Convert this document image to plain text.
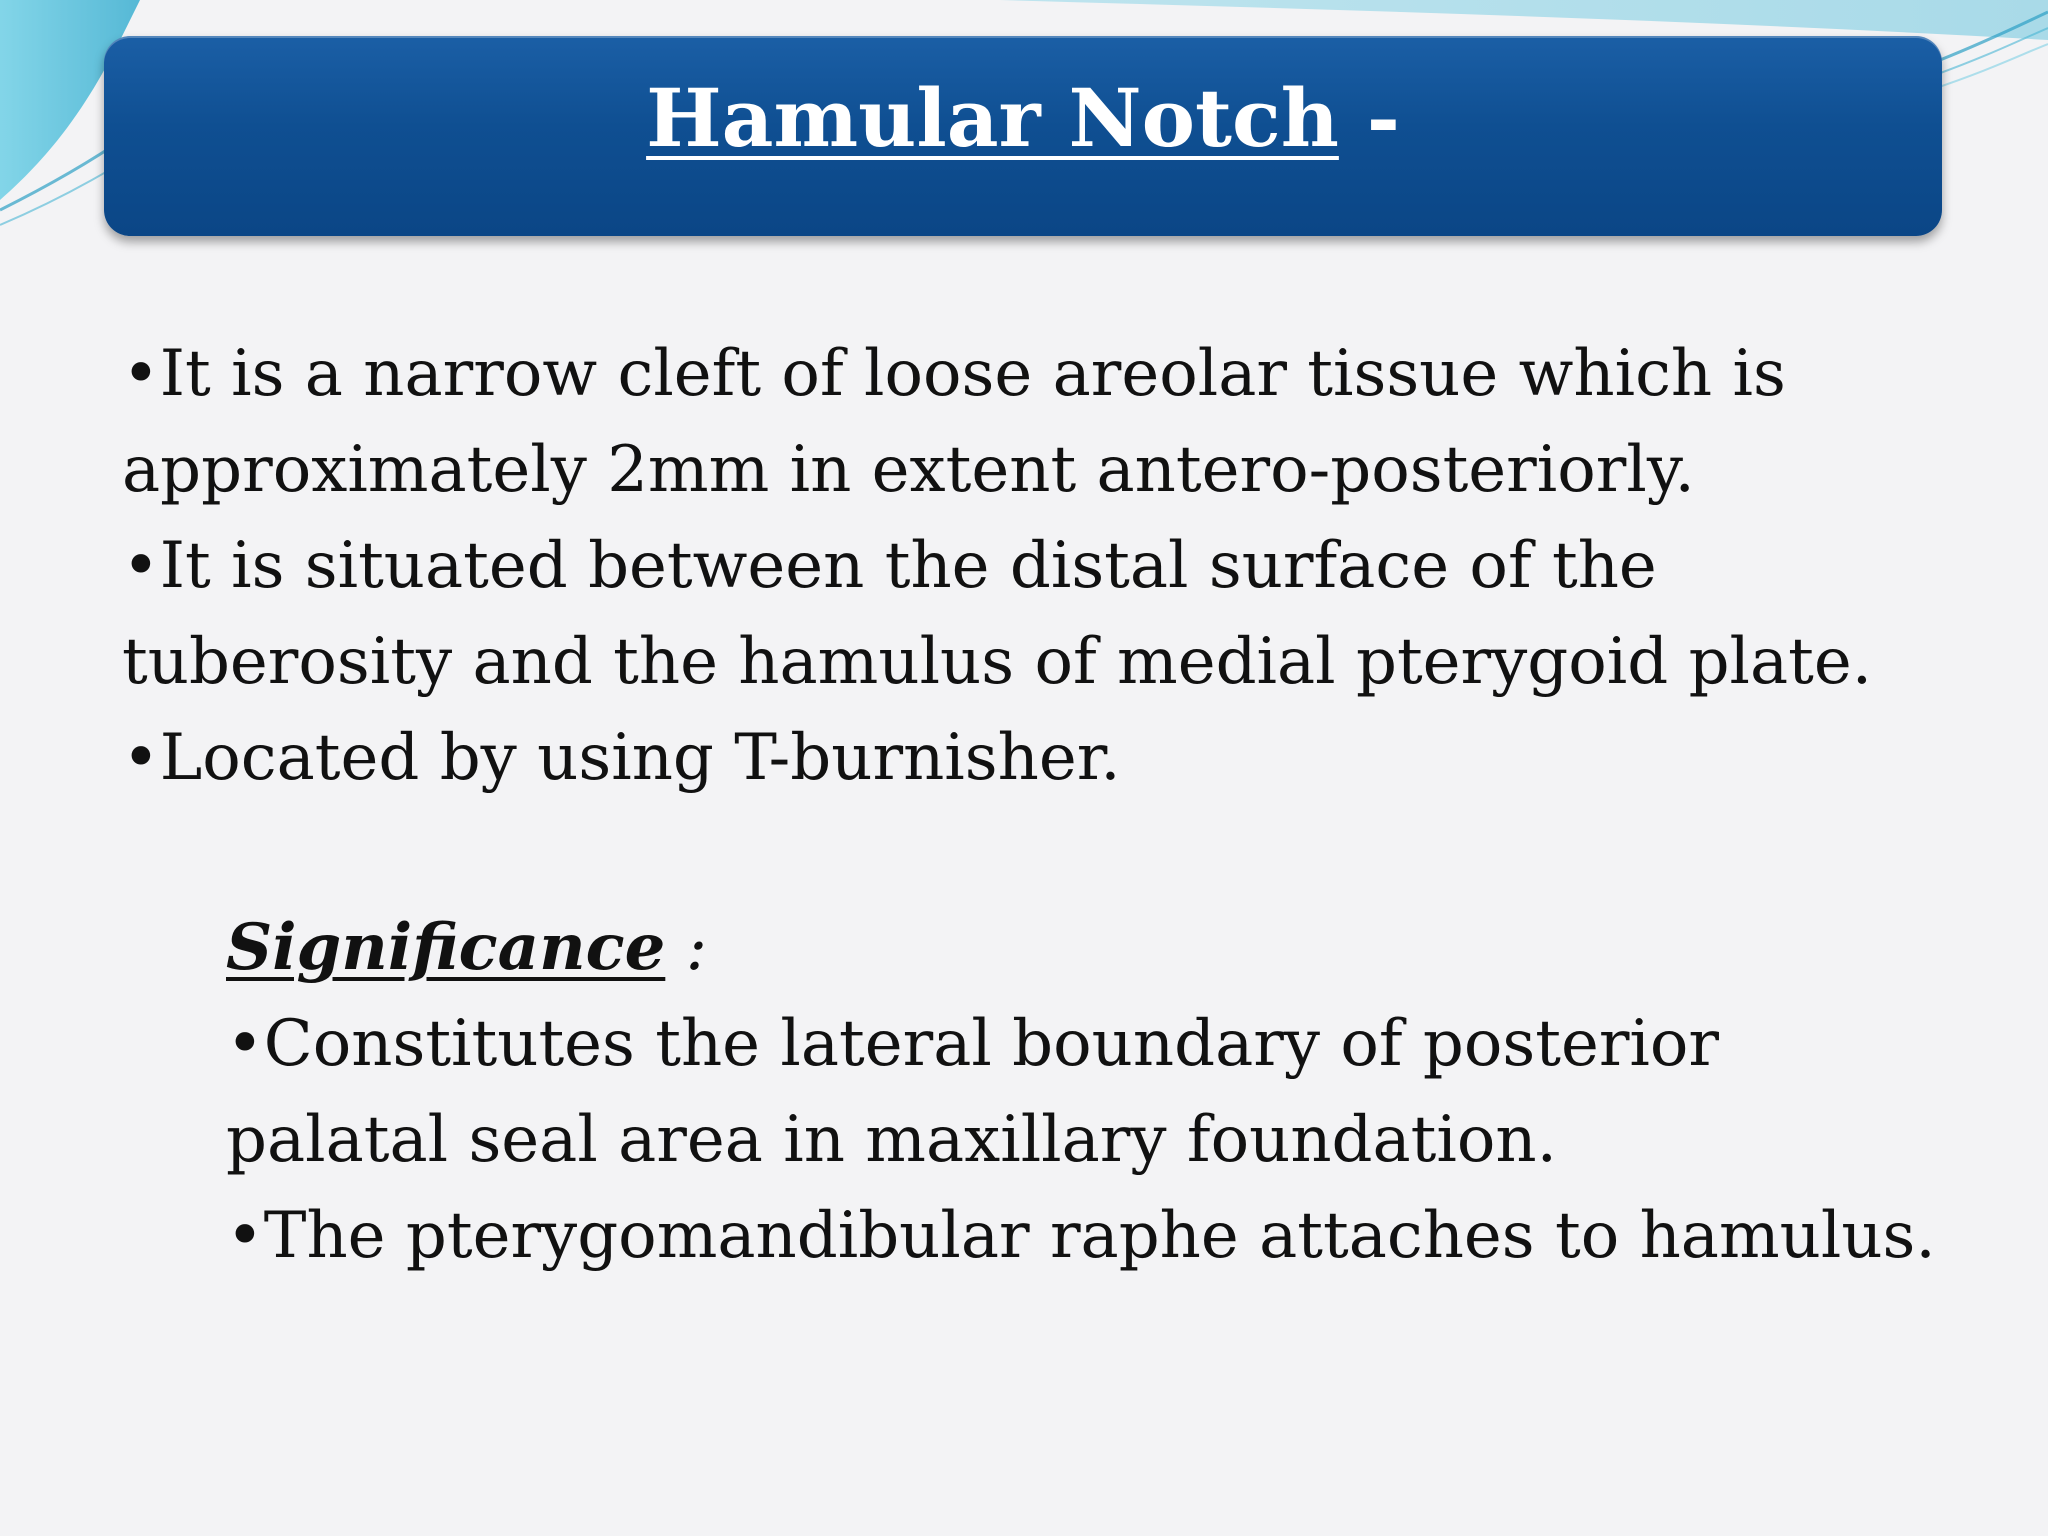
Hamular Notch -

•It is a narrow cleft of loose areolar tissue which is

approximately 2mm in extent antero-posteriorly.

•It is situated between the distal surface of the

tuberosity and the hamulus of medial pterygoid plate.

•Located by using T-burnisher.

Significance :

•Constitutes the lateral boundary of posterior

palatal seal area in maxillary foundation.

•The pterygomandibular raphe attaches to hamulus.
